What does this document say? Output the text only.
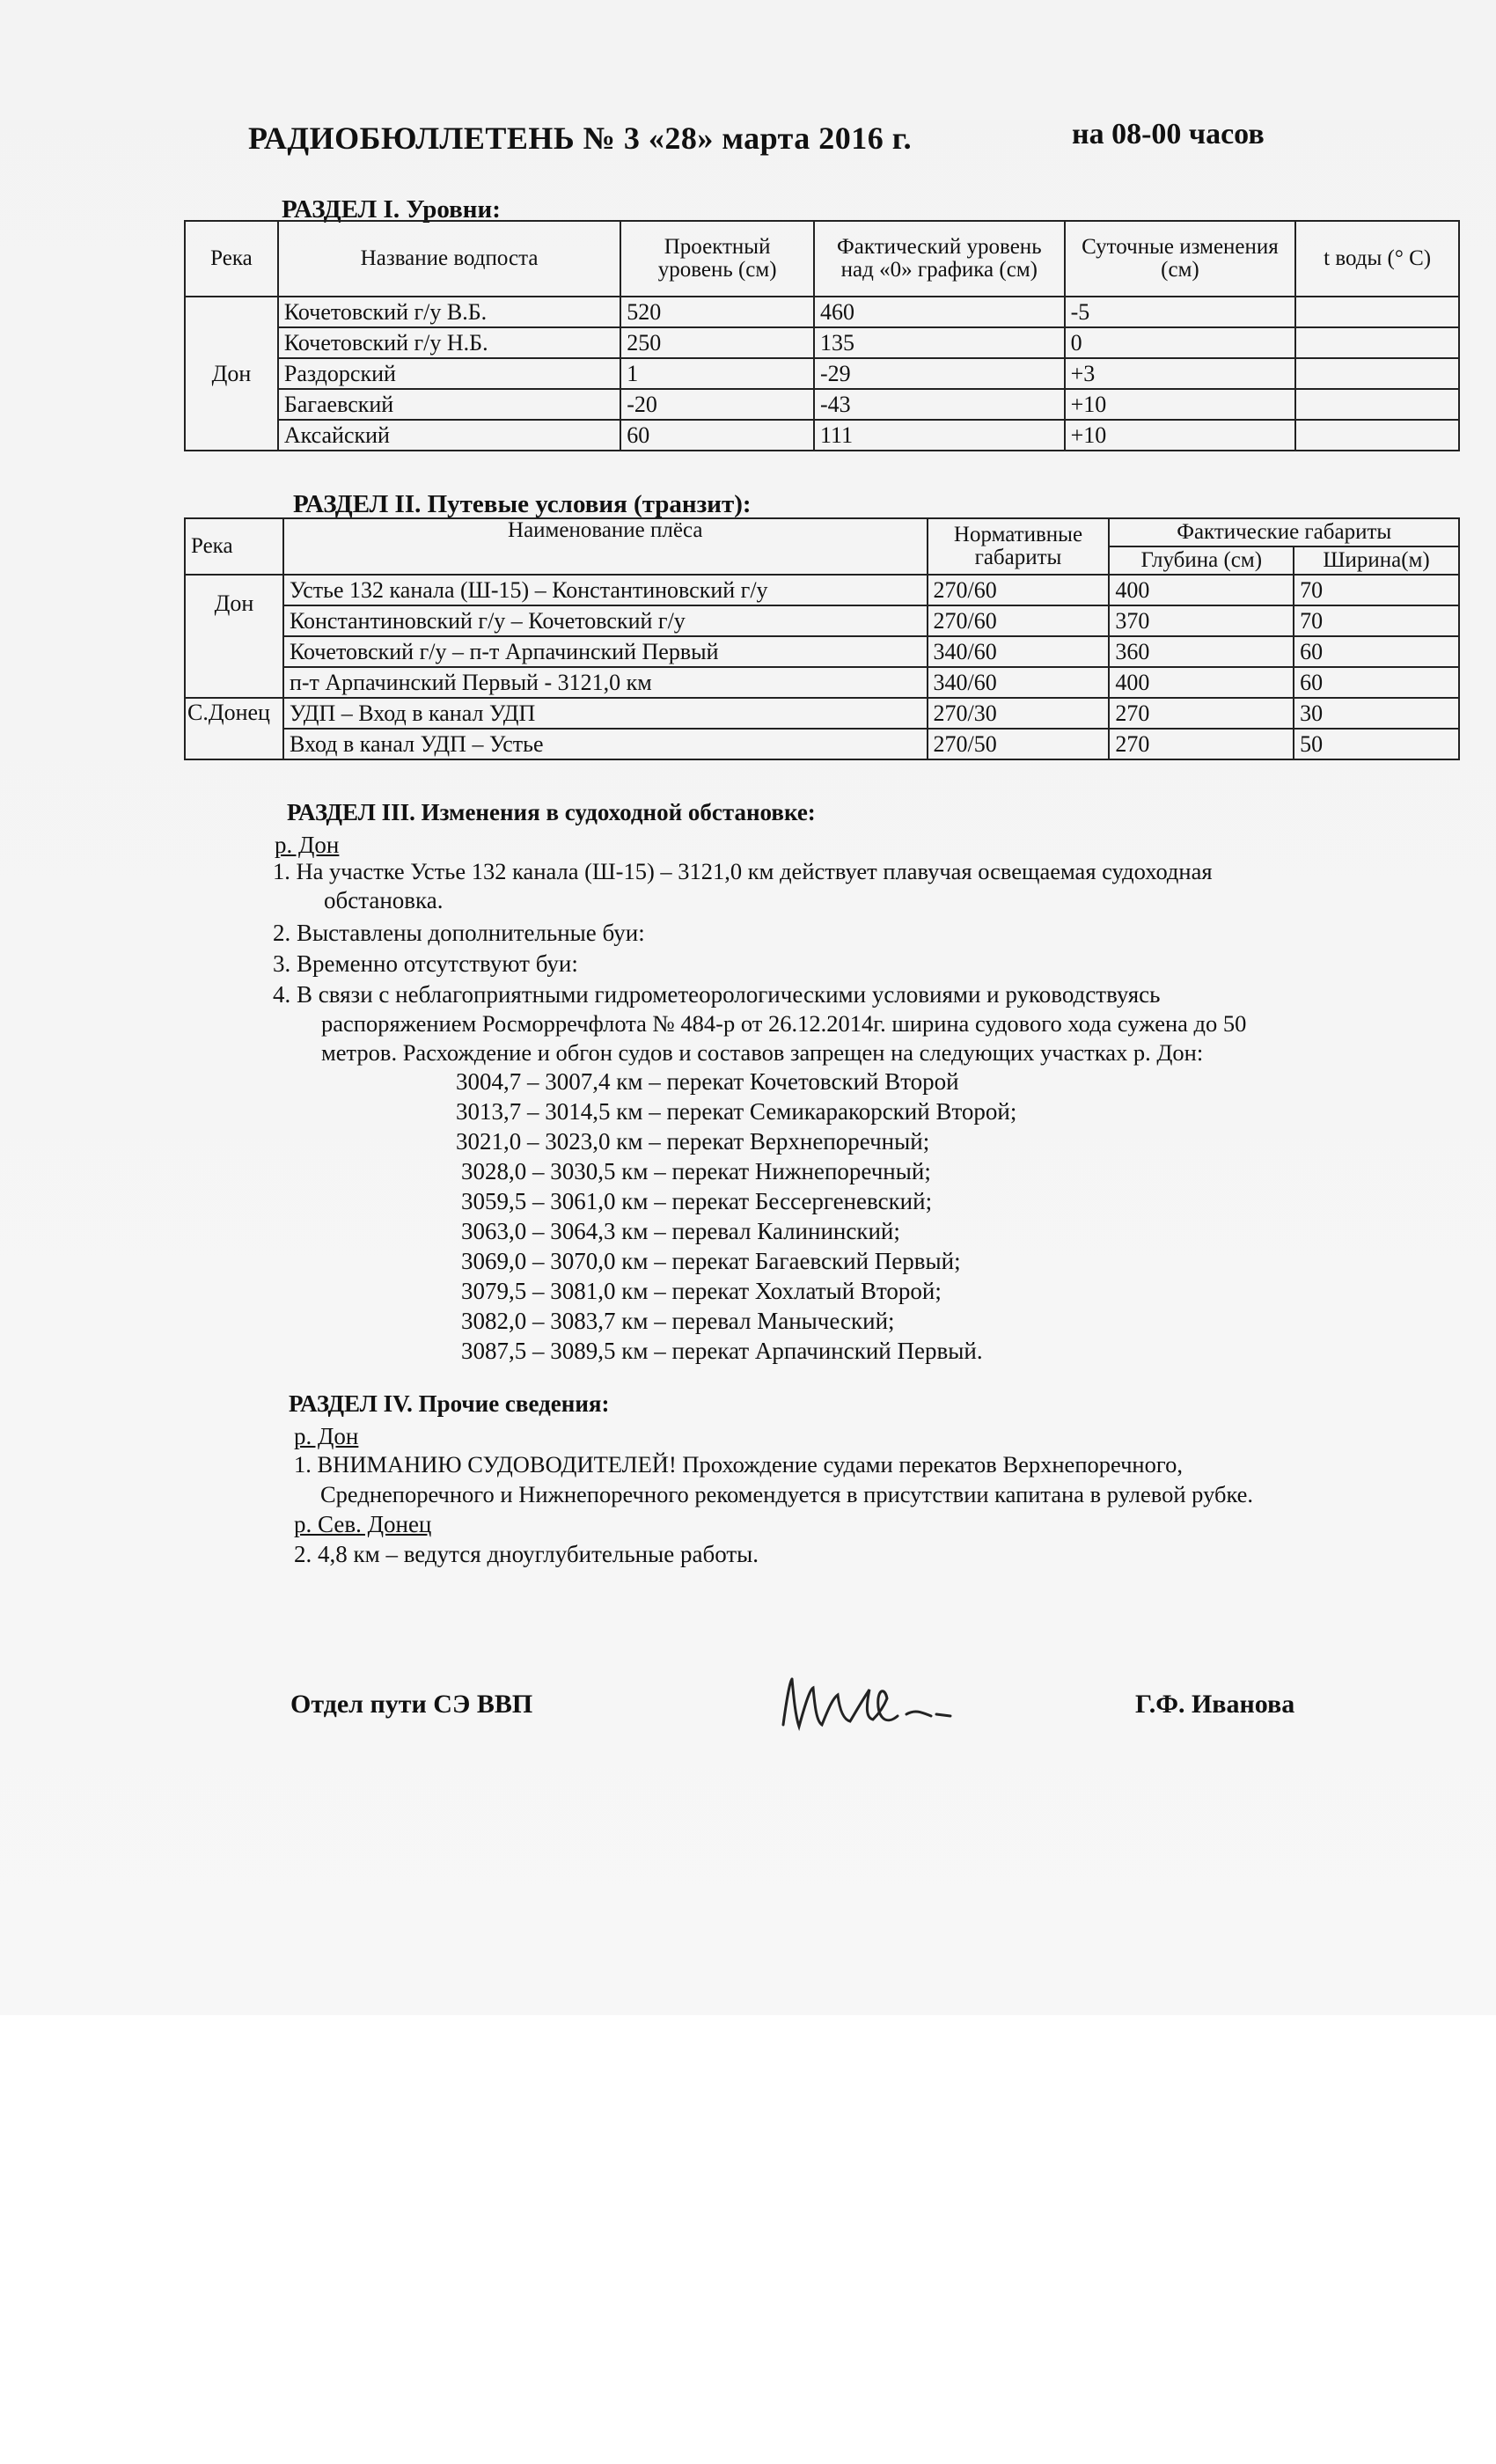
РАДИОБЮЛЛЕТЕНЬ № 3 «28» марта 2016 г.	на 08-00 часов
РАЗДЕЛ I. Уровни:
Река	Название водпоста	Проектный уровень (см)	Фактический уровень над «0» графика (см)	Суточные изменения (см)	t воды (° C)
Дон	Кочетовский г/у В.Б.	520	460	-5	
	Кочетовский г/у Н.Б.	250	135	0	
	Раздорский	1	-29	+3	
	Багаевский	-20	-43	+10	
	Аксайский	60	111	+10	
РАЗДЕЛ II. Путевые условия (транзит):
Река	Наименование плёса	Нормативные габариты	Фактические габариты	
			Глубина (см)	Ширина(м)
Дон	Устье 132 канала (Ш-15) – Константиновский г/у	270/60	400	70
	Константиновский г/у – Кочетовский г/у	270/60	370	70
	Кочетовский г/у – п-т Арпачинский Первый	340/60	360	60
	п-т Арпачинский Первый - 3121,0 км	340/60	400	60
С.Донец	УДП – Вход в канал УДП	270/30	270	30
	Вход в канал УДП – Устье	270/50	270	50
РАЗДЕЛ III. Изменения в судоходной обстановке:
р. Дон
1. На участке Устье 132 канала (Ш-15) – 3121,0 км действует плавучая освещаемая судоходная
обстановка.
2. Выставлены дополнительные буи:
3. Временно отсутствуют буи:
4. В связи с неблагоприятными гидрометеорологическими условиями и руководствуясь
распоряжением Росморречфлота № 484-р от 26.12.2014г. ширина судового хода сужена до 50
метров. Расхождение и обгон судов и составов запрещен на следующих участках р. Дон:
3004,7 – 3007,4 км – перекат Кочетовский Второй
3013,7 – 3014,5 км – перекат Семикаракорский Второй;
3021,0 – 3023,0 км – перекат Верхнепоречный;
3028,0 – 3030,5 км – перекат Нижнепоречный;
3059,5 – 3061,0 км – перекат Бессергеневский;
3063,0 – 3064,3 км – перевал Калининский;
3069,0 – 3070,0 км – перекат Багаевский Первый;
3079,5 – 3081,0 км – перекат Хохлатый Второй;
3082,0 – 3083,7 км – перевал Маныческий;
3087,5 – 3089,5 км – перекат Арпачинский Первый.
РАЗДЕЛ IV. Прочие сведения:
р. Дон
1. ВНИМАНИЮ СУДОВОДИТЕЛЕЙ! Прохождение судами перекатов Верхнепоречного,
Среднепоречного и Нижнепоречного рекомендуется в присутствии капитана в рулевой рубке.
р. Сев. Донец
2. 4,8 км – ведутся дноуглубительные работы.
Отдел пути СЭ ВВП	Г.Ф. Иванова
